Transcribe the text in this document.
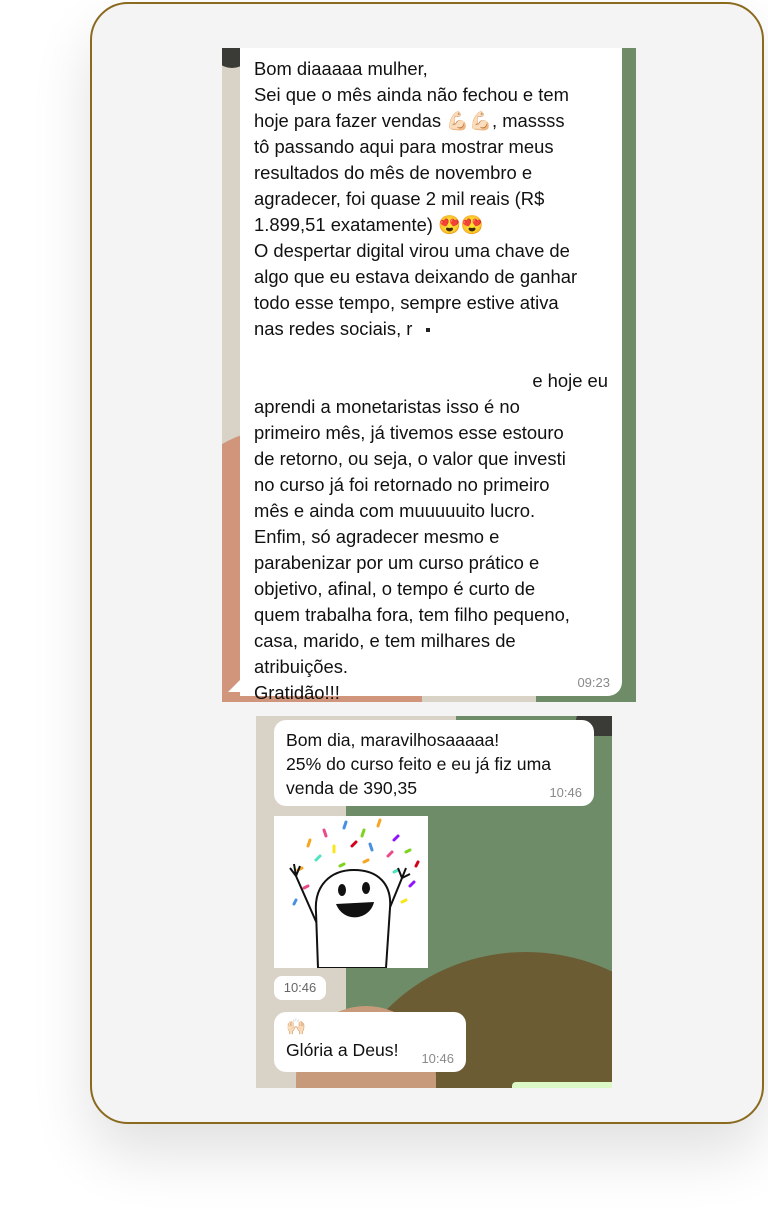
Bom diaaaaa mulher,

Sei que o mês ainda não fechou e tem

hoje para fazer vendas 💪🏻💪🏻, massss

tô passando aqui para mostrar meus

resultados do mês de novembro e

agradecer, foi quase 2 mil reais (R$

1.899,51 exatamente) 😍😍

O despertar digital virou uma chave de

algo que eu estava deixando de ganhar

todo esse tempo, sempre estive ativa

nas redes sociais, r

e hoje eu

aprendi a monetaristas isso é no

primeiro mês, já tivemos esse estouro

de retorno, ou seja, o valor que investi

no curso já foi retornado no primeiro

mês e ainda com muuuuuito lucro.

Enfim, só agradecer mesmo e

parabenizar por um curso prático e

objetivo, afinal, o tempo é curto de

quem trabalha fora, tem filho pequeno,

casa, marido, e tem milhares de

atribuições.

Gratidão!!!	09:23

Bom dia, maravilhosaaaaa!

25% do curso feito e eu já fiz uma

venda de 390,35	10:46
10:46
🙌🏻

Glória a Deus!	10:46
